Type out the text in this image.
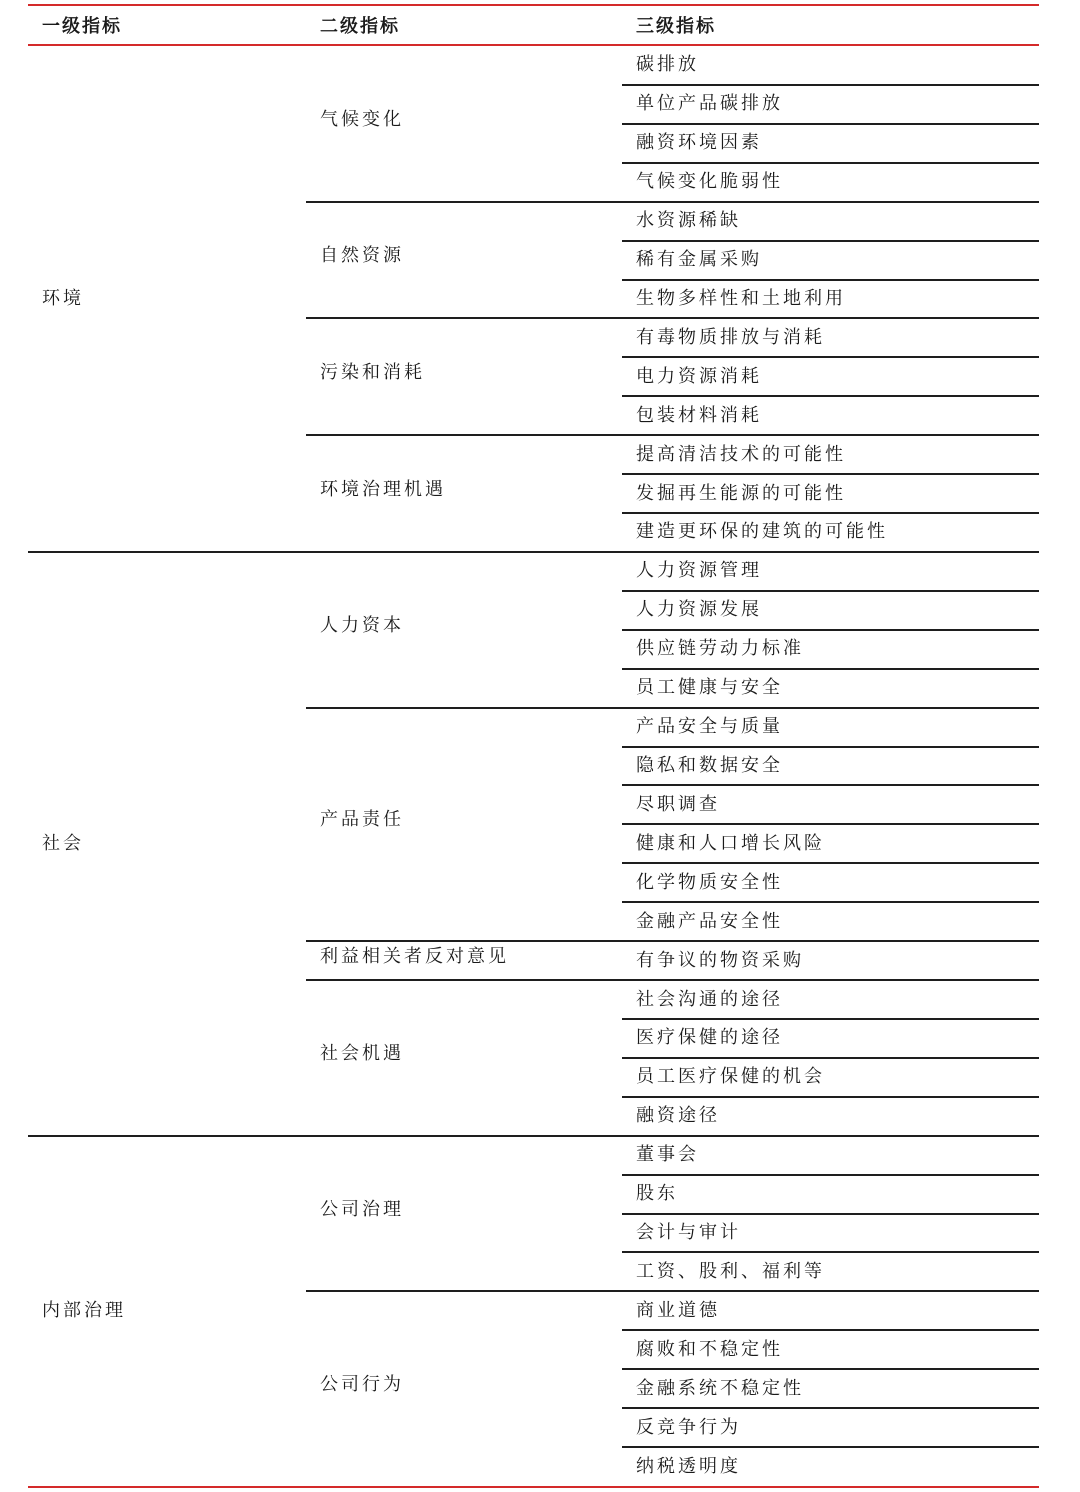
一级指标	二级指标	三级指标
碳排放
单位产品碳排放
融资环境因素
气候变化脆弱性
气候变化
水资源稀缺
稀有金属采购
生物多样性和土地利用
自然资源
有毒物质排放与消耗
电力资源消耗
包装材料消耗
污染和消耗
提高清洁技术的可能性
发掘再生能源的可能性
建造更环保的建筑的可能性
环境治理机遇
环境
人力资源管理
人力资源发展
供应链劳动力标准
员工健康与安全
人力资本
产品安全与质量
隐私和数据安全
尽职调查
健康和人口增长风险
化学物质安全性
金融产品安全性
产品责任
有争议的物资采购
利益相关者反对意见
社会沟通的途径
医疗保健的途径
员工医疗保健的机会
融资途径
社会机遇
社会
董事会
股东
会计与审计
工资、股利、福利等
公司治理
商业道德
腐败和不稳定性
金融系统不稳定性
反竞争行为
纳税透明度
公司行为
内部治理
